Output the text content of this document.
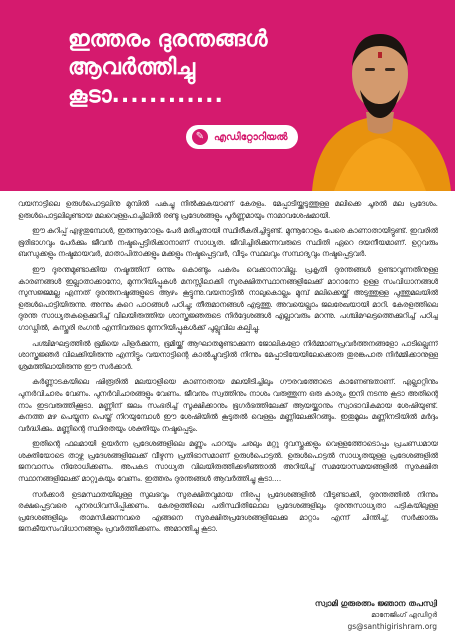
ഇത്തരം ദുരന്തങ്ങൾ
ആവർത്തിച്ചു കൂടാ............
✎ എഡിറ്റോറിയൽ

വയനാട്ടിലെ ഉരുൾപൊട്ടലിനു മുമ്പിൽ പകച്ചു നിൽക്കുകയാണ് കേരളം. മേപ്പാടിയ്ക്കടുത്തുള്ള മലിക്കെ ചൂരൽ മല പ്രദേശം. ഉരുൾപൊട്ടലിലുണ്ടായ മലവെള്ളപാച്ചിലിൽ രണ്ടു പ്രദേശങ്ങളും പൂർണ്ണമായും നാമാവശേഷമായി.

ഈ കുറിപ്പ് എഴുതുമ്പോൾ, ഇരുന്നൂറോളം പേർ മരിച്ചതായി സ്ഥിരീകരിച്ചിട്ടുണ്ട്. മുന്നൂറോളം പേരെ കാണാതായിട്ടുണ്ട്. ഇവരിൽ ഭൂരിഭാഗവും പേർക്കും ജീവൻ നഷ്ടപ്പെട്ടിരിക്കാനാണ് സാധ്യത. ജീവിച്ചിരിക്കുന്നവരുടെ സ്ഥിതി ഏറെ ദയനീയമാണ്. ഉറ്റവരും ബന്ധുക്കളും നഷ്ടമായവർ, മാതാപിതാക്കളും മക്കളും നഷ്ടപ്പെട്ടവർ, വീടും സ്ഥലവും സമ്പാദ്യവും നഷ്ടപ്പെട്ടവർ.

ഈ ദുരന്തമുണ്ടാക്കിയ നഷ്ടത്തിന് ഒന്നും കൊണ്ടും പകരം വെക്കാനാവില്ല. പ്രകൃതി ദുരന്തങ്ങൾ ഉണ്ടാവുന്നതിനുള്ള കാരണങ്ങൾ ഇല്ലാതാക്കാനോ, മുന്നറിയിപ്പുകൾ മനസ്സിലാക്കി സുരക്ഷിതസ്ഥാനങ്ങളിലേക്ക് മാറാനോ ഉള്ള സംവിധാനങ്ങൾ സുസജ്ജമല്ല എന്നത് ദുരന്തനഷ്ടങ്ങളുടെ ആഴം കൂട്ടുന്നു.വയനാട്ടിൽ നാലുകൊല്ലം മുമ്പ് മലിക്കെയ്ക്ക് അടുത്തുള്ള പുത്തുമലയിൽ ഉരുൾപൊട്ടിയിരുന്നു. അന്നും കുറെ പാഠങ്ങൾ പഠിച്ചു; തീരുമാനങ്ങൾ എടുത്തു. അവയെല്ലാം ജലരേഖയായി മാറി. കേരളത്തിലെ ദുരന്ത സാധ്യതകളെക്കുറിച്ച് വിലയിരുത്തിയ ശാസ്ത്രജ്ഞരുടെ നിർദ്ദേശങ്ങൾ എല്ലാവരും മറന്നു. പശ്ചിമഘട്ടത്തെക്കുറിച്ച് പഠിച്ച ഗാഡ്ഗിൽ, കസ്തൂരി രംഗൻ എന്നിവരുടെ മുന്നറിയിപ്പുകൾക്ക് പുല്ലുവില കല്പിച്ചു.

പശ്ചിമഘട്ടത്തിൽ ഭൂമിയെ പിളർക്കുന്ന, ഭൂമിയ്ക്ക് ആഘാതമുണ്ടാക്കുന്ന ജോലികളോ നിർമ്മാണപ്രവർത്തനങ്ങളോ പാടില്ലെന്ന് ശാസ്ത്രജ്ഞർ വിലക്കിയിരുന്നു എന്നിട്ടും വയനാട്ടിന്റെ കാൽച്ചുവട്ടിൽ നിന്നും മേപ്പാടിയേയിലേക്കൊരു തുരങ്കപാത നിർമ്മിക്കാനുള്ള ശ്രമത്തിലായിരുന്നു ഈ സർക്കാർ.

കർണ്ണാടകയിലെ ഷിരൂരിൽ മലയാളിയെ കാണാതായ മലയിടിച്ചിലും ഗൗരവത്തോടെ കാണേണ്ടതാണ്. എല്ലാറ്റിനും പുനർവിചാരം വേണം. പുനർവിചാരങ്ങളും വേണം. ജീവനും സ്വത്തിനും നാശം വരുത്തുന്ന ഒരു കാര്യം ഇനി നടന്നു കൂടാ അതിന്റെ നാം ഇടവരുത്തിക്കൂടാ. മണ്ണിന് ജലം സംഭരിച്ച് സൂക്ഷിക്കാനും ഭൂഗർഭത്തിലേക്ക് ആയയ്ക്കാനും സ്വാഭാവികമായ ശേഷിയുണ്ട്. കനത്ത മഴ പെയ്യുന്ന പെയ്ത് നിറയുമ്പോൾ ഈ ശേഷിയിൽ കൂടുതൽ വെള്ളം മണ്ണിലേക്കിറങ്ങും. ഇതുമൂലം മണ്ണിനടിയിൽ മർദ്ദം വർദ്ധിക്കും. മണ്ണിന്റെ സ്ഥിരതയും ശക്തിയും നഷ്ടപ്പെടും.

ഇതിന്റെ ഫലമായി ഉയർന്ന പ്രദേശങ്ങളിലെ മണ്ണും പാറയും ചരലും മറ്റു ദുവസ്തുക്കളും വെള്ളത്തോടൊപ്പം പ്രചണ്ഡമായ ശക്തിയോടെ താഴ്ന്ന പ്രദേശങ്ങളിലേക്ക് വീഴുന്ന പ്രതിഭാസമാണ് ഉരുൾപൊട്ടൽ. ഉരുൾപൊട്ടൽ സാധ്യതയുള്ള പ്രദേശങ്ങളിൽ ജനവാസം നിരോധിക്കണം. അപകട സാധ്യത വിലയിരുത്തിക്കഴിഞ്ഞാൽ അറിയിച്ച് സമയോസമയങ്ങളിൽ സുരക്ഷിത സ്ഥാനങ്ങളിലേക്ക് മാറ്റുകയും വേണം. ഇത്തരം ദുരന്തങ്ങൾ ആവർത്തിച്ചു കൂടാ....

സർക്കാർ ഉടമസ്ഥതയിലുള്ള സുലഭവും സുരക്ഷിതവുമായ നിരപ്പു പ്രദേശങ്ങളിൽ വീടുണ്ടാക്കി, ദുരന്തത്തിൽ നിന്നും രക്ഷപ്പെട്ടവരെ പുനരധിവസിപ്പിക്കണം. കേരളത്തിലെ പരിസ്ഥിതിലോല പ്രദേശങ്ങളിലും ദുരന്തസാധ്യതാ പട്ടികയിലുള്ള പ്രദേശങ്ങളിലും താമസിക്കുന്നവരെ എങ്ങനെ സുരക്ഷിതപ്രദേശങ്ങളിലേക്കു മാറ്റാം എന്ന് ചിന്തിച്ച്, സർക്കാരും ജനകീയസംവിധാനങ്ങളും പ്രവർത്തിക്കണം. അമാന്തിച്ചു കൂടാ.

സ്വാമി ഗുരുരത്നം ജ്ഞാന തപസ്വി
മാനേജിംഗ് എഡിറ്റർ
gs@santhigirishram.org
